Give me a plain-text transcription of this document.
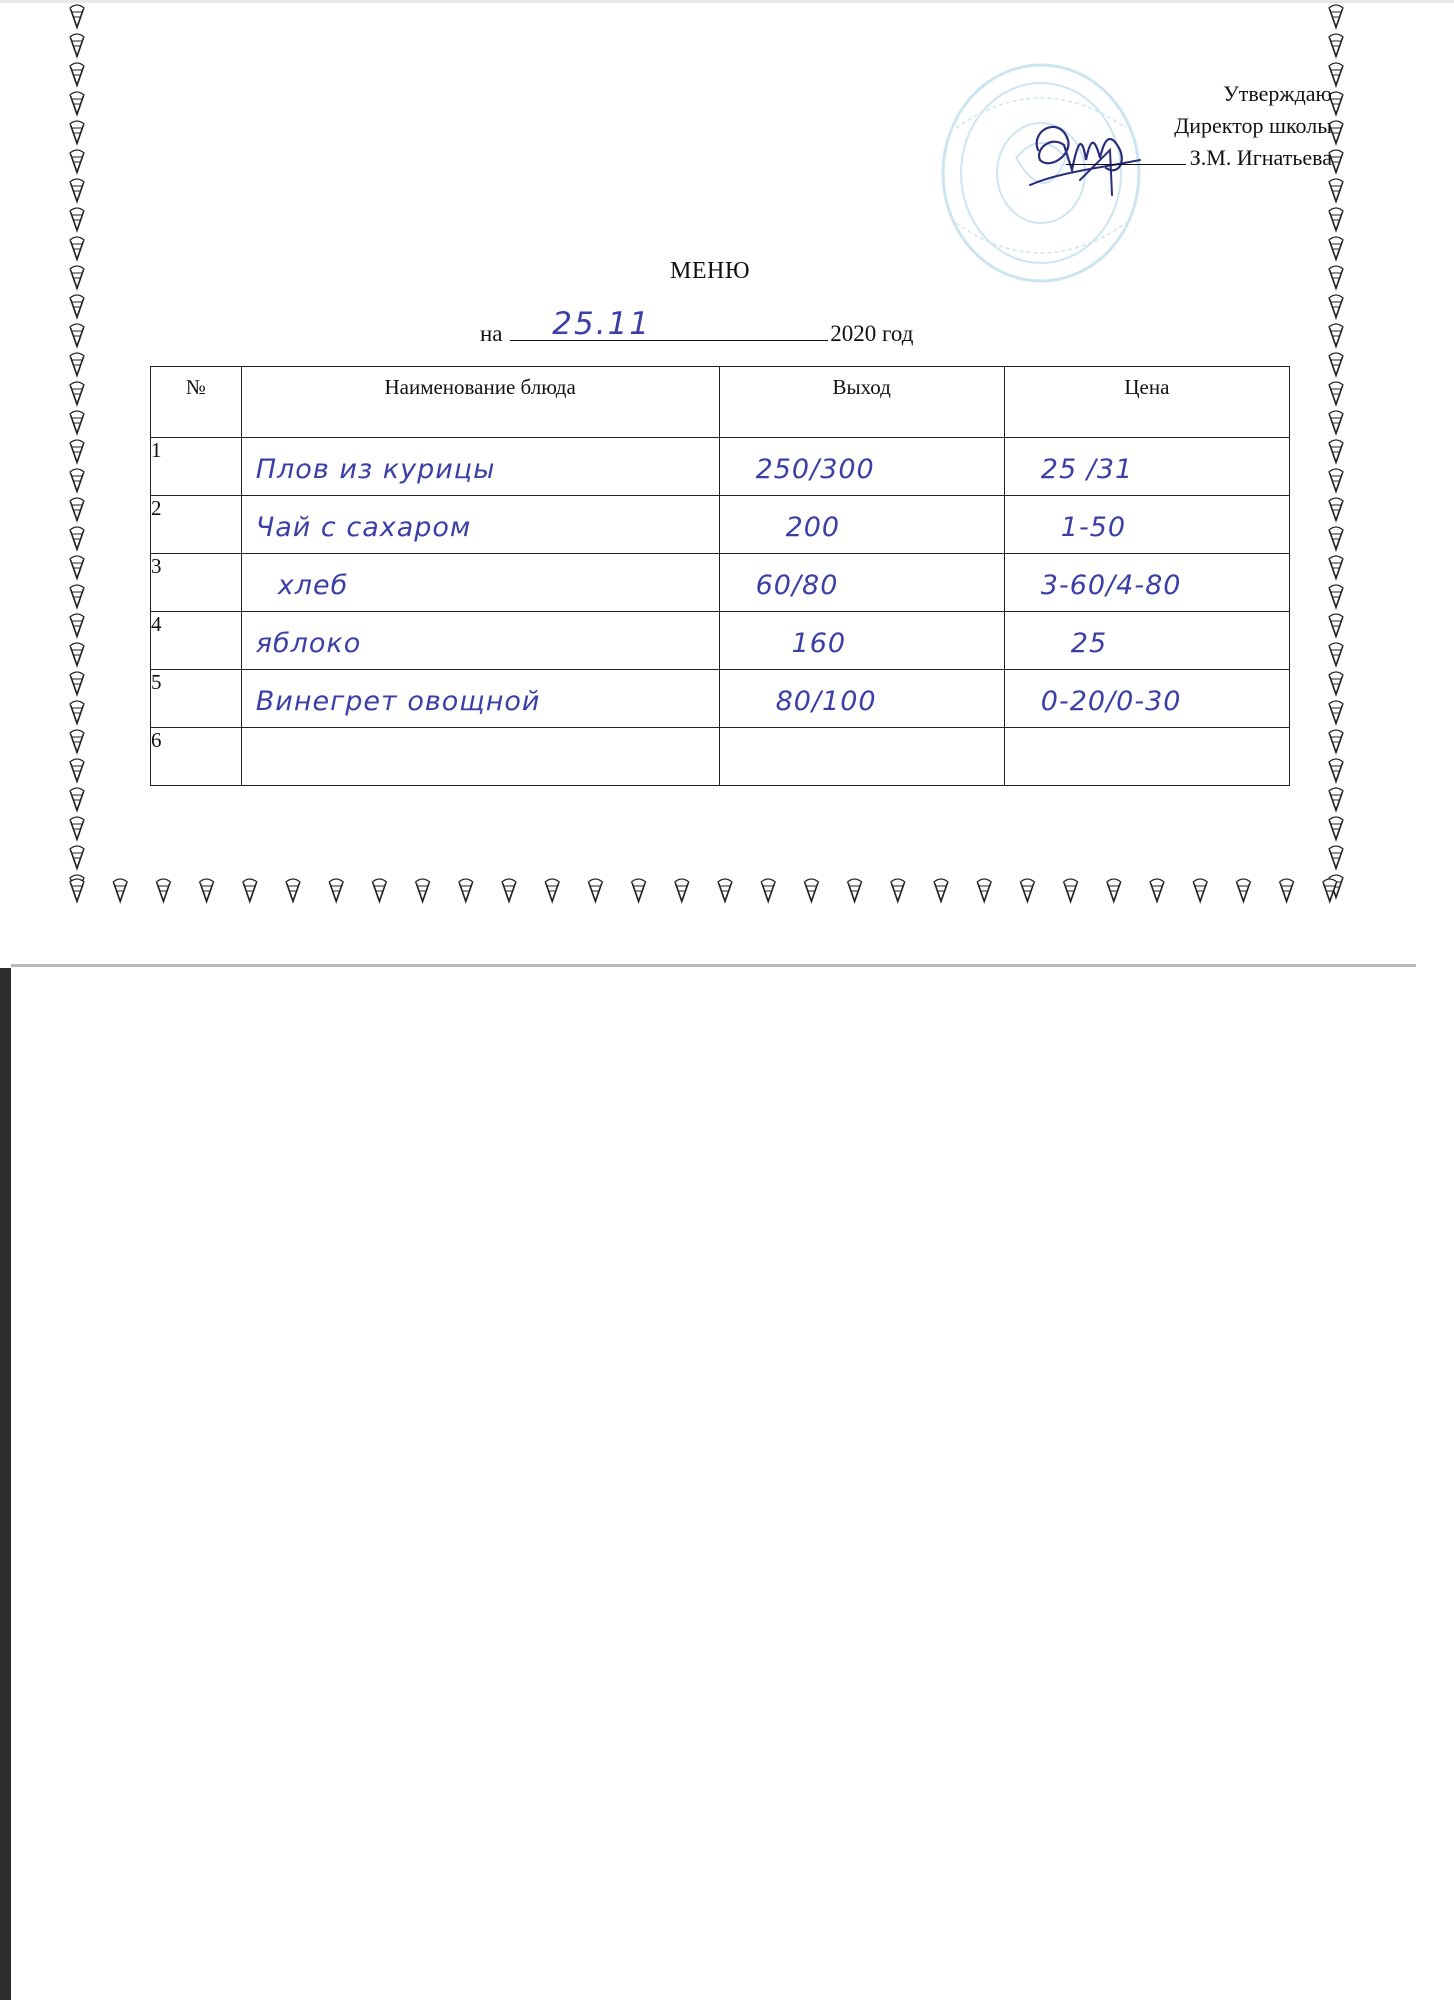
Утверждаю
Директор школы
З.М. Игнатьева
МЕНЮ
на 25.11	2020 год
№	Наименование блюда	Выход	Цена
1	Плов из курицы	250/300	25 /31

2	Чай с сахаром	200	1-50

3	хлеб	60/80	3-60/4-80

4	яблоко	160	25

5	Винегрет овощной	80/100	0-20/0-30

6	
